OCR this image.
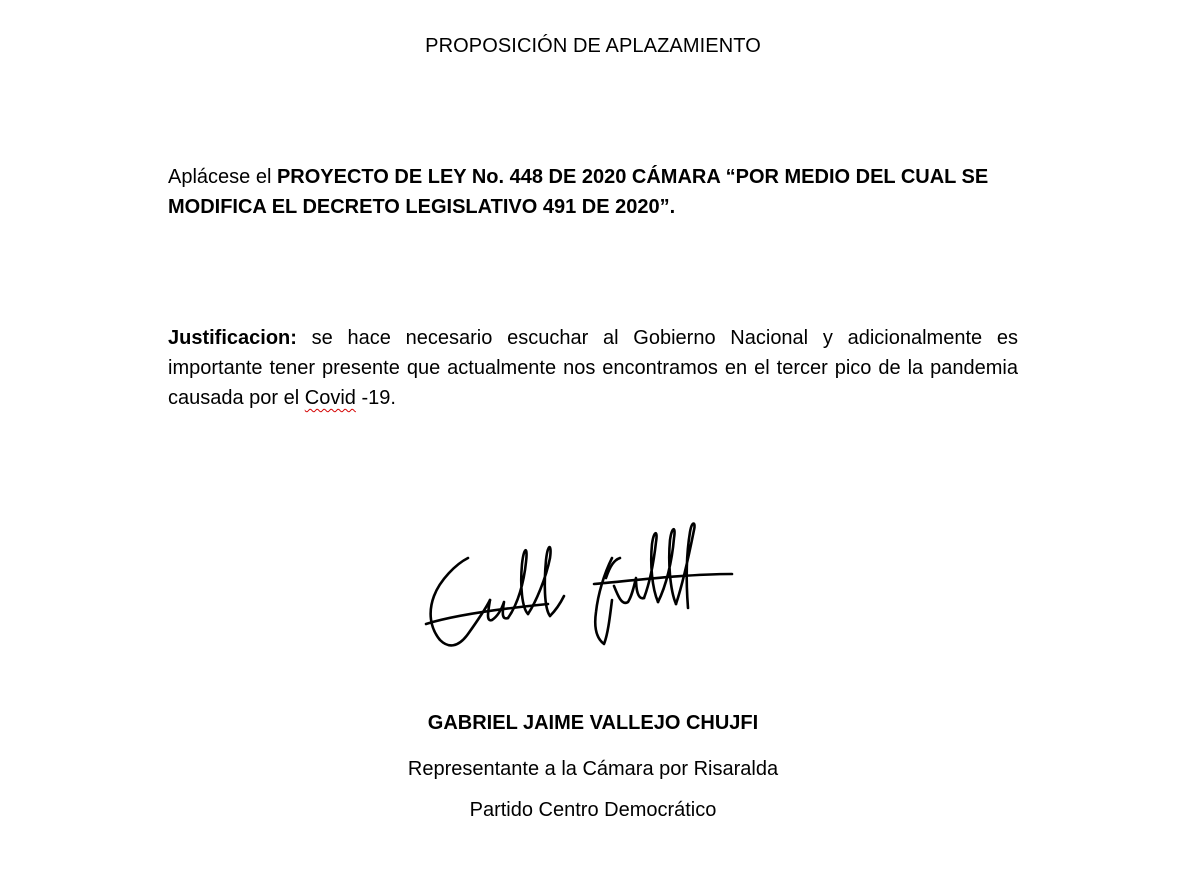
PROPOSICIÓN DE APLAZAMIENTO
Aplácese el PROYECTO DE LEY No. 448 DE 2020 CÁMARA “POR MEDIO DEL CUAL SE MODIFICA EL DECRETO LEGISLATIVO 491 DE 2020”.
Justificacion: se hace necesario escuchar al Gobierno Nacional y adicionalmente es importante tener presente que actualmente nos encontramos en el tercer pico de la pandemia causada por el Covid -19.
GABRIEL JAIME VALLEJO CHUJFI
Representante a la Cámara por Risaralda
Partido Centro Democrático
